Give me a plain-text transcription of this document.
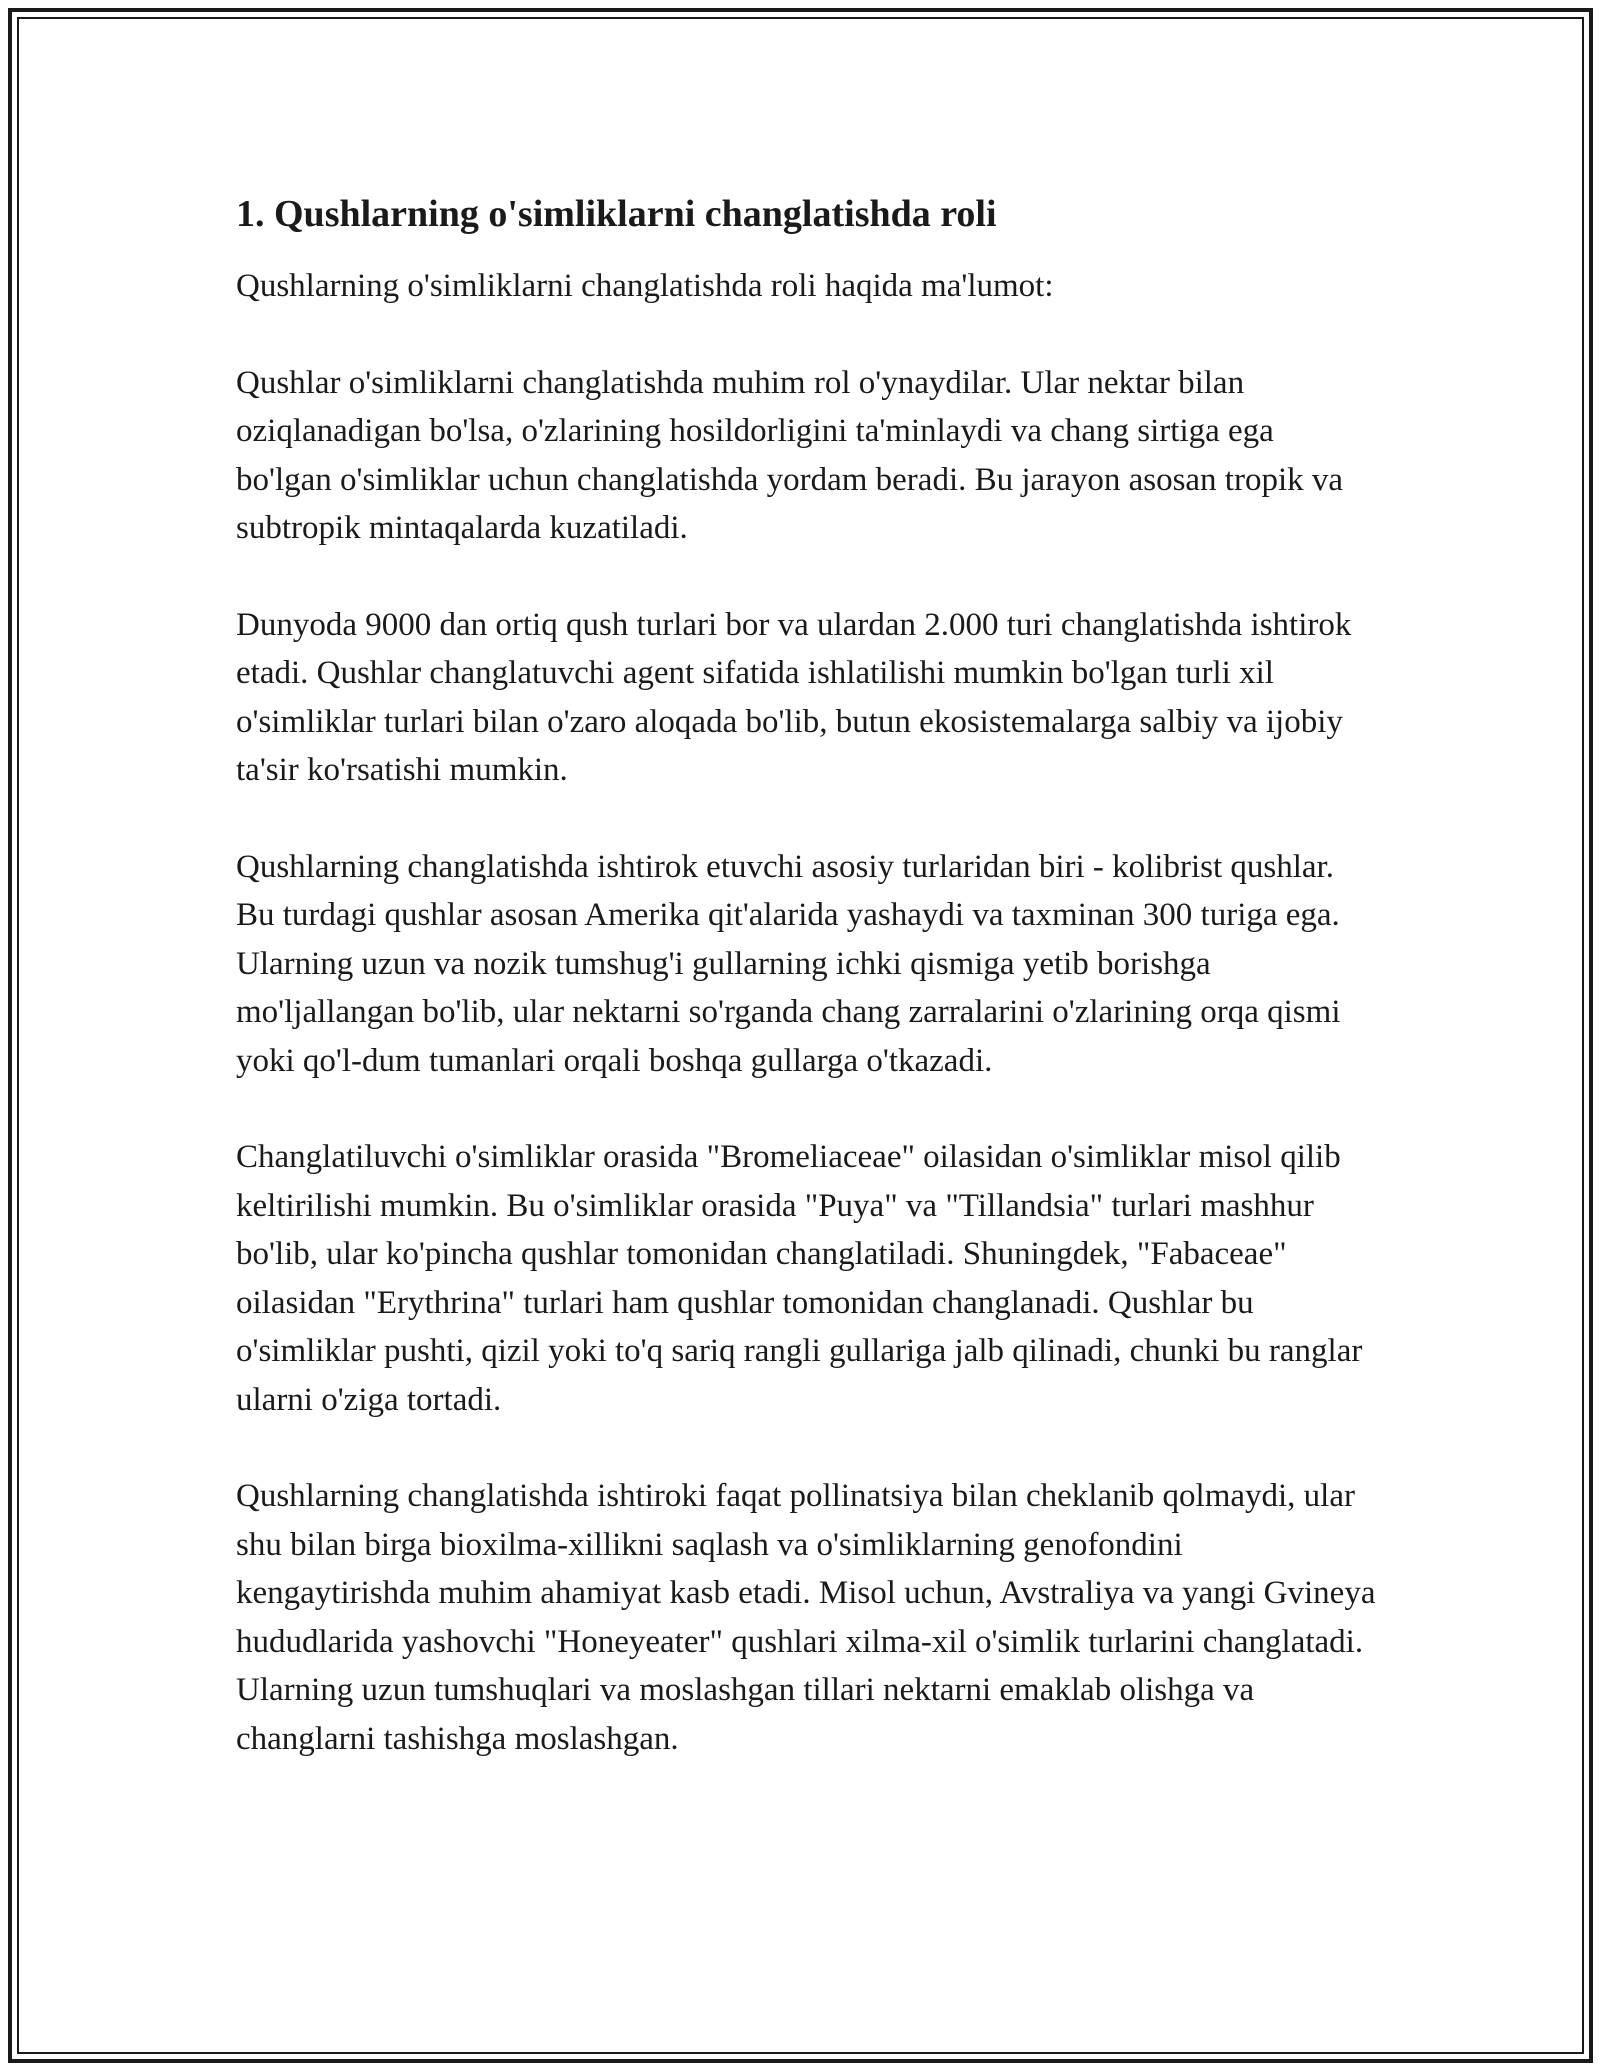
1. Qushlarning o'simliklarni changlatishda roli

Qushlarning o'simliklarni changlatishda roli haqida ma'lumot:

Qushlar o'simliklarni changlatishda muhim rol o'ynaydilar. Ular nektar bilan oziqlanadigan bo'lsa, o'zlarining hosildorligini ta'minlaydi va chang sirtiga ega bo'lgan o'simliklar uchun changlatishda yordam beradi. Bu jarayon asosan tropik va subtropik mintaqalarda kuzatiladi.

Dunyoda 9000 dan ortiq qush turlari bor va ulardan 2.000 turi changlatishda ishtirok etadi. Qushlar changlatuvchi agent sifatida ishlatilishi mumkin bo'lgan turli xil o'simliklar turlari bilan o'zaro aloqada bo'lib, butun ekosistemalarga salbiy va ijobiy ta'sir ko'rsatishi mumkin.

Qushlarning changlatishda ishtirok etuvchi asosiy turlaridan biri - kolibrist qushlar. Bu turdagi qushlar asosan Amerika qit'alarida yashaydi va taxminan 300 turiga ega. Ularning uzun va nozik tumshug'i gullarning ichki qismiga yetib borishga mo'ljallangan bo'lib, ular nektarni so'rganda chang zarralarini o'zlarining orqa qismi yoki qo'l-dum tumanlari orqali boshqa gullarga o'tkazadi.

Changlatiluvchi o'simliklar orasida "Bromeliaceae" oilasidan o'simliklar misol qilib keltirilishi mumkin. Bu o'simliklar orasida "Puya" va "Tillandsia" turlari mashhur bo'lib, ular ko'pincha qushlar tomonidan changlatiladi. Shuningdek, "Fabaceae" oilasidan "Erythrina" turlari ham qushlar tomonidan changlanadi. Qushlar bu o'simliklar pushti, qizil yoki to'q sariq rangli gullariga jalb qilinadi, chunki bu ranglar ularni o'ziga tortadi.

Qushlarning changlatishda ishtiroki faqat pollinatsiya bilan cheklanib qolmaydi, ular shu bilan birga bioxilma-xillikni saqlash va o'simliklarning genofondini kengaytirishda muhim ahamiyat kasb etadi. Misol uchun, Avstraliya va yangi Gvineya hududlarida yashovchi "Honeyeater" qushlari xilma-xil o'simlik turlarini changlatadi. Ularning uzun tumshuqlari va moslashgan tillari nektarni emaklab olishga va changlarni tashishga moslashgan.
